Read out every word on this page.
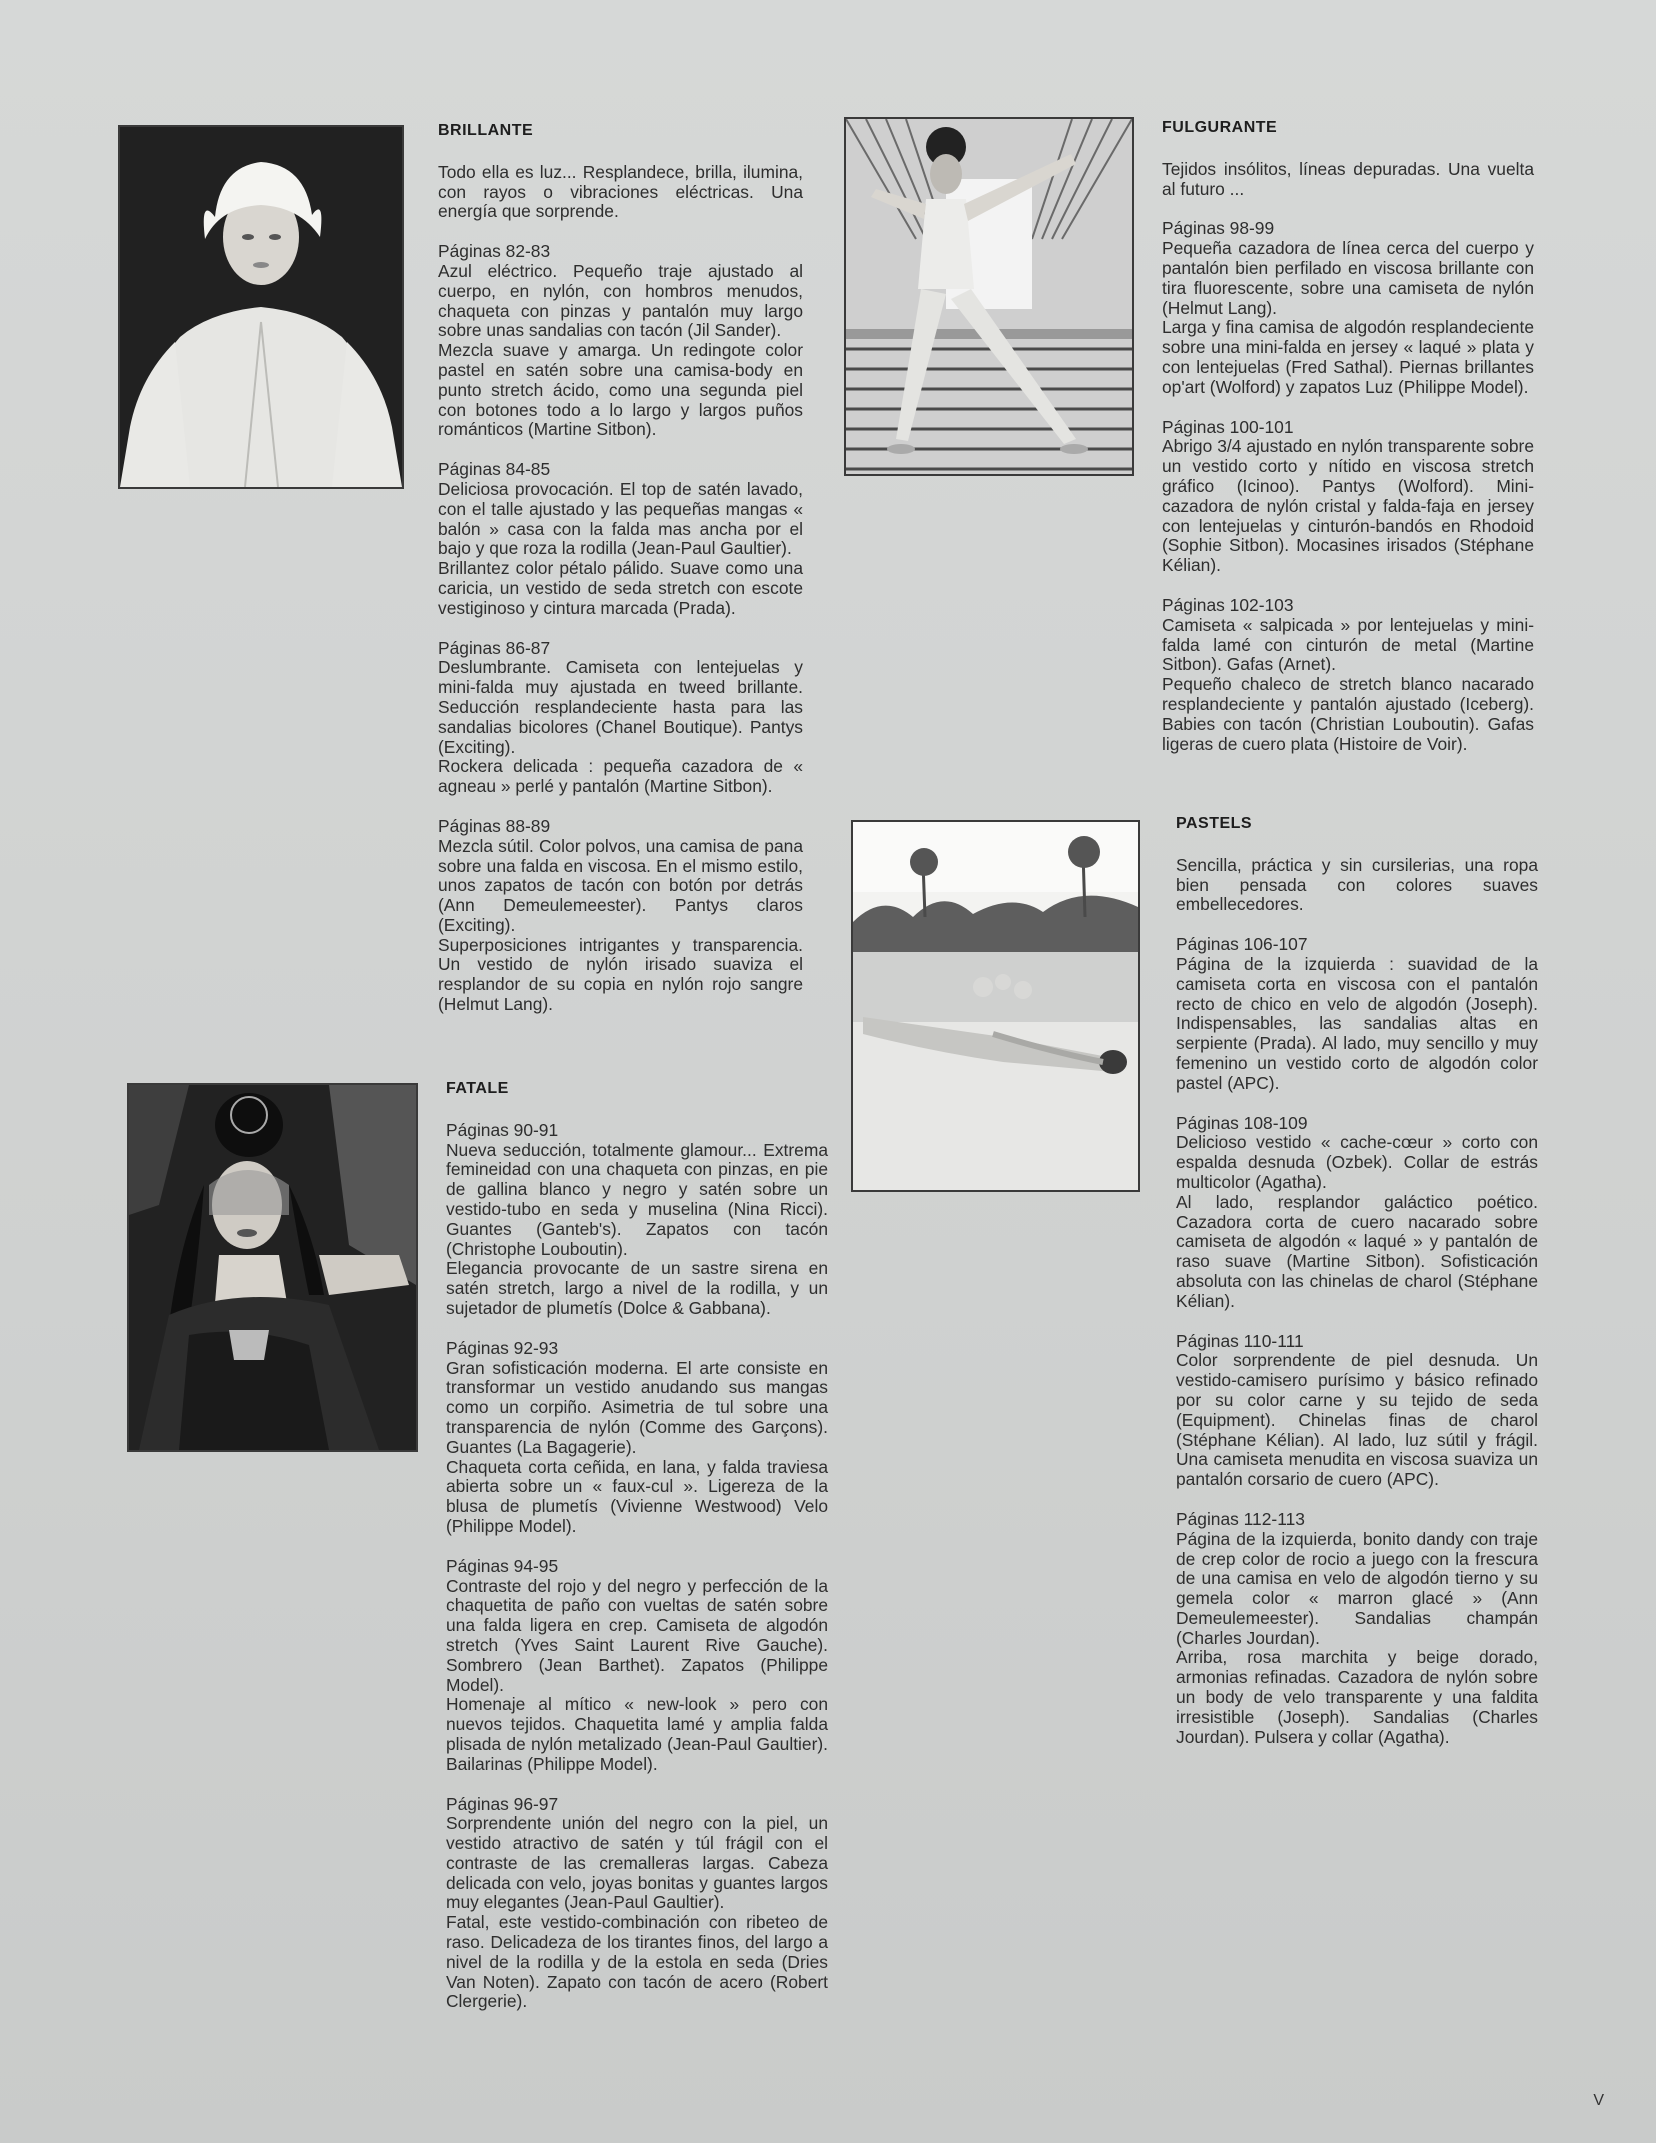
BRILLANTE
Todo ella es luz... Resplandece, brilla, ilumina, con rayos o vibraciones eléctricas. Una energía que sorprende.
Páginas 82-83
Azul eléctrico. Pequeño traje ajustado al cuerpo, en nylón, con hombros menudos, chaqueta con pinzas y pantalón muy largo sobre unas sandalias con tacón (Jil Sander).
Mezcla suave y amarga. Un redingote color pastel en satén sobre una camisa-body en punto stretch ácido, como una segunda piel con botones todo a lo largo y largos puños románticos (Martine Sitbon).
Páginas 84-85
Deliciosa provocación. El top de satén lavado, con el talle ajustado y las pequeñas mangas « balón » casa con la falda mas ancha por el bajo y que roza la rodilla (Jean-Paul Gaultier).
Brillantez color pétalo pálido. Suave como una caricia, un vestido de seda stretch con escote vestiginoso y cintura marcada (Prada).
Páginas 86-87
Deslumbrante. Camiseta con lentejuelas y mini-falda muy ajustada en tweed brillante. Seducción resplandeciente hasta para las sandalias bicolores (Chanel Boutique). Pantys (Exciting).
Rockera delicada : pequeña cazadora de « agneau » perlé y pantalón (Martine Sitbon).
Páginas 88-89
Mezcla sútil. Color polvos, una camisa de pana sobre una falda en viscosa. En el mismo estilo, unos zapatos de tacón con botón por detrás (Ann Demeulemeester). Pantys claros (Exciting).
Superposiciones intrigantes y transparencia. Un vestido de nylón irisado suaviza el resplandor de su copia en nylón rojo sangre (Helmut Lang).
FATALE
Páginas 90-91
Nueva seducción, totalmente glamour... Extrema femineidad con una chaqueta con pinzas, en pie de gallina blanco y negro y satén sobre un vestido-tubo en seda y muselina (Nina Ricci). Guantes (Ganteb's). Zapatos con tacón (Christophe Louboutin).
Elegancia provocante de un sastre sirena en satén stretch, largo a nivel de la rodilla, y un sujetador de plumetís (Dolce & Gabbana).
Páginas 92-93
Gran sofisticación moderna. El arte consiste en transformar un vestido anudando sus mangas como un corpiño. Asimetria de tul sobre una transparencia de nylón (Comme des Garçons). Guantes (La Bagagerie).
Chaqueta corta ceñida, en lana, y falda traviesa abierta sobre un « faux-cul ». Ligereza de la blusa de plumetís (Vivienne Westwood) Velo (Philippe Model).
Páginas 94-95
Contraste del rojo y del negro y perfección de la chaquetita de paño con vueltas de satén sobre una falda ligera en crep. Camiseta de algodón stretch (Yves Saint Laurent Rive Gauche). Sombrero (Jean Barthet). Zapatos (Philippe Model).
Homenaje al mítico « new-look » pero con nuevos tejidos. Chaquetita lamé y amplia falda plisada de nylón metalizado (Jean-Paul Gaultier). Bailarinas (Philippe Model).
Páginas 96-97
Sorprendente unión del negro con la piel, un vestido atractivo de satén y túl frágil con el contraste de las cremalleras largas. Cabeza delicada con velo, joyas bonitas y guantes largos muy elegantes (Jean-Paul Gaultier).
Fatal, este vestido-combinación con ribeteo de raso. Delicadeza de los tirantes finos, del largo a nivel de la rodilla y de la estola en seda (Dries Van Noten). Zapato con tacón de acero (Robert Clergerie).
FULGURANTE
Tejidos insólitos, líneas depuradas. Una vuelta al futuro ...
Páginas 98-99
Pequeña cazadora de línea cerca del cuerpo y pantalón bien perfilado en viscosa brillante con tira fluorescente, sobre una camiseta de nylón (Helmut Lang).
Larga y fina camisa de algodón resplandeciente sobre una mini-falda en jersey « laqué » plata y con lentejuelas (Fred Sathal). Piernas brillantes op'art (Wolford) y zapatos Luz (Philippe Model).
Páginas 100-101
Abrigo 3/4 ajustado en nylón transparente sobre un vestido corto y nítido en viscosa stretch gráfico (Icinoo). Pantys (Wolford). Mini-cazadora de nylón cristal y falda-faja en jersey con lentejuelas y cinturón-bandós en Rhodoid (Sophie Sitbon). Mocasines irisados (Stéphane Kélian).
Páginas 102-103
Camiseta « salpicada » por lentejuelas y mini-falda lamé con cinturón de metal (Martine Sitbon). Gafas (Arnet).
Pequeño chaleco de stretch blanco nacarado resplandeciente y pantalón ajustado (Iceberg). Babies con tacón (Christian Louboutin). Gafas ligeras de cuero plata (Histoire de Voir).
PASTELS
Sencilla, práctica y sin cursilerias, una ropa bien pensada con colores suaves embellecedores.
Páginas 106-107
Página de la izquierda : suavidad de la camiseta corta en viscosa con el pantalón recto de chico en velo de algodón (Joseph). Indispensables, las sandalias altas en serpiente (Prada). Al lado, muy sencillo y muy femenino un vestido corto de algodón color pastel (APC).
Páginas 108-109
Delicioso vestido « cache-cœur » corto con espalda desnuda (Ozbek). Collar de estrás multicolor (Agatha).
Al lado, resplandor galáctico poético. Cazadora corta de cuero nacarado sobre camiseta de algodón « laqué » y pantalón de raso suave (Martine Sitbon). Sofisticación absoluta con las chinelas de charol (Stéphane Kélian).
Páginas 110-111
Color sorprendente de piel desnuda. Un vestido-camisero purísimo y básico refinado por su color carne y su tejido de seda (Equipment). Chinelas finas de charol (Stéphane Kélian). Al lado, luz sútil y frágil. Una camiseta menudita en viscosa suaviza un pantalón corsario de cuero (APC).
Páginas 112-113
Página de la izquierda, bonito dandy con traje de crep color de rocio a juego con la frescura de una camisa en velo de algodón tierno y su gemela color « marron glacé » (Ann Demeulemeester). Sandalias champán (Charles Jourdan).
Arriba, rosa marchita y beige dorado, armonias refinadas. Cazadora de nylón sobre un body de velo transparente y una faldita irresistible (Joseph). Sandalias (Charles Jourdan). Pulsera y collar (Agatha).
V
